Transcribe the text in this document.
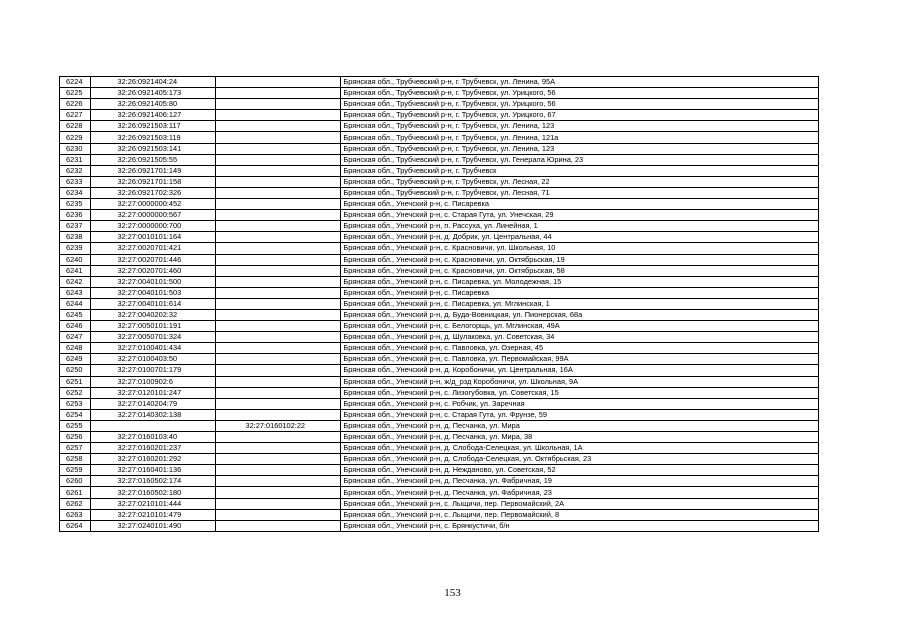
6224	32:26:0921404:24		Брянская обл., Трубчевский р-н, г. Трубчевск, ул. Ленина, 95А
6225	32:26:0921405:173		Брянская обл., Трубчевский р-н, г. Трубчевск, ул. Урицкого, 56
6226	32:26:0921405:80		Брянская обл., Трубчевский р-н, г. Трубчевск, ул. Урицкого, 56
6227	32:26:0921406:127		Брянская обл., Трубчевский р-н, г. Трубчевск, ул. Урицкого, 67
6228	32:26:0921503:117		Брянская обл., Трубчевский р-н, г. Трубчевск, ул. Ленина, 123
6229	32:26:0921503:119		Брянская обл., Трубчевский р-н, г. Трубчевск, ул. Ленина, 121а
6230	32:26:0921503:141		Брянская обл., Трубчевский р-н, г. Трубчевск, ул. Ленина, 123
6231	32:26:0921505:55		Брянская обл., Трубчевский р-н, г. Трубчевск, ул. Генерала Юрина, 23
6232	32:26:0921701:149		Брянская обл., Трубчевский р-н, г. Трубчевск
6233	32:26:0921701:158		Брянская обл., Трубчевский р-н, г. Трубчевск, ул. Лесная, 22
6234	32:26:0921702:326		Брянская обл., Трубчевский р-н, г. Трубчевск, ул. Лесная, 71
6235	32:27:0000000:452		Брянская обл., Унечский р-н, с. Писаревка
6236	32:27:0000000:567		Брянская обл., Унечский р-н, с. Старая Гута, ул. Унечская, 29
6237	32:27:0000000:700		Брянская обл., Унечский р-н, п. Рассуха, ул. Линейная, 1
6238	32:27:0010101:164		Брянская обл., Унечский р-н, д. Добрик, ул. Центральная, 44
6239	32:27:0020701:421		Брянская обл., Унечский р-н, с. Красновичи, ул. Школьная, 10
6240	32:27:0020701:446		Брянская обл., Унечский р-н, с. Красновичи, ул. Октябрьская, 19
6241	32:27:0020701:460		Брянская обл., Унечский р-н, с. Красновичи, ул. Октябрьская, 58
6242	32:27:0040101:500		Брянская обл., Унечский р-н, с. Писаревка, ул. Молодежная, 15
6243	32:27:0040101:503		Брянская обл., Унечский р-н, с. Писаревка
6244	32:27:0040101:614		Брянская обл., Унечский р-н, с. Писаревка, ул. Мглинская, 1
6245	32:27:0040202:32		Брянская обл., Унечский р-н, д. Буда-Вовницкая, ул. Пионерская, 68а
6246	32:27:0050101:191		Брянская обл., Унечский р-н, с. Белогорщь, ул. Мглинская, 49А
6247	32:27:0050701:324		Брянская обл., Унечский р-н, д. Шулаковка, ул. Советская, 34
6248	32:27:0100401:434		Брянская обл., Унечский р-н, с. Павловка, ул. Озерная, 45
6249	32:27:0100403:50		Брянская обл., Унечский р-н, с. Павловка, ул. Первомайская, 99А
6250	32:27:0100701:179		Брянская обл., Унечский р-н, д. Коробоничи, ул. Центральная, 16А
6251	32:27:0100902:6		Брянская обл., Унечский р-н, ж/д_рзд Коробоничи, ул. Школьная, 9А
6252	32:27:0120101:247		Брянская обл., Унечский р-н, с. Лизогубовка, ул. Советская, 15
6253	32:27:0140204:79		Брянская обл., Унечский р-н, с. Робчик, ул. Заречная
6254	32:27:0140302:138		Брянская обл., Унечский р-н, с. Старая Гута, ул. Фрунзе, 59
6255		32:27:0160102:22	Брянская обл., Унечский р-н, д. Песчанка, ул. Мира
6256	32:27:0160103:40		Брянская обл., Унечский р-н, д. Песчанка, ул. Мира, 38
6257	32:27:0160201:237		Брянская обл., Унечский р-н, д. Слобода-Селецкая, ул. Школьная, 1А
6258	32:27:0160201:292		Брянская обл., Унечский р-н, д. Слобода-Селецкая, ул. Октябрьская, 23
6259	32:27:0160401:136		Брянская обл., Унечский р-н, д. Нежданово, ул. Советская, 52
6260	32:27:0160502:174		Брянская обл., Унечский р-н, д. Песчанка, ул. Фабричная, 19
6261	32:27:0160502:180		Брянская обл., Унечский р-н, д. Песчанка, ул. Фабричная, 23
6262	32:27:0210101:444		Брянская обл., Унечский р-н, с. Лыщичи, пер. Первомайский, 2А
6263	32:27:0210101:479		Брянская обл., Унечский р-н, с. Лыщичи, пер. Первомайский, 8
6264	32:27:0240101:490		Брянская обл., Унечский р-н, с. Брянкустичи, б/н
153
